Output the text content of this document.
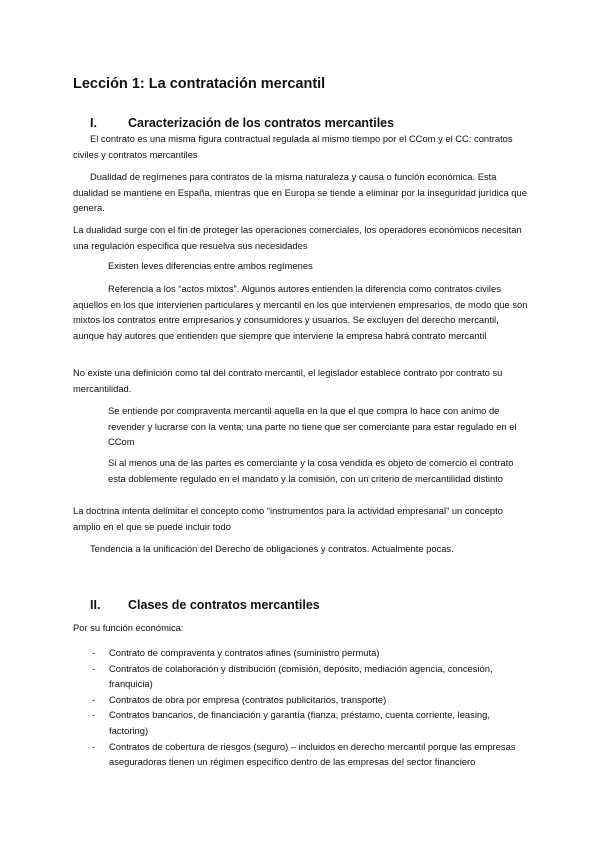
Lección 1: La contratación mercantil
I. Caracterización de los contratos mercantiles

El contrato es una misma figura contractual regulada al mismo tiempo por el CCom y el CC: contratos civiles y contratos mercantiles

Dualidad de regímenes para contratos de la misma naturaleza y causa o función económica. Esta dualidad se mantiene en España, mientras que en Europa se tiende a eliminar por la inseguridad jurídica que genera.

La dualidad surge con el fin de proteger las operaciones comerciales, los operadores económicos necesitan una regulación especifica que resuelva sus necesidades

Existen leves diferencias entre ambos regímenes

Referencia a los “actos mixtos”. Algunos autores entienden la diferencia como contratos civiles aquellos en los que intervienen particulares y mercantil en los que intervienen empresarios, de modo que son mixtos los contratos entre empresarios y consumidores y usuarios. Se excluyen del derecho mercantil, aunque hay autores que entienden que siempre que interviene la empresa habrá contrato mercantil

No existe una definición como tal del contrato mercantil, el legislador establece contrato por contrato su mercantilidad.

Se entiende por compraventa mercantil aquella en la que el que compra lo hace con animo de revender y lucrarse con la venta; una parte no tiene que ser comerciante para estar regulado en el CCom

Si al menos una de las partes es comerciante y la cosa vendida es objeto de comercio el contrato esta doblemente regulado en el mandato y la comisión, con un criterio de mercantilidad distinto

La doctrina intenta delimitar el concepto como “instrumentos para la actividad empresarial” un concepto amplio en el que se puede incluir todo

Tendencia a la unificación del Derecho de obligaciones y contratos. Actualmente pocas.

II. Clases de contratos mercantiles

Por su función económica:

- Contrato de compraventa y contratos afines (suministro permuta)
- Contratos de colaboración y distribución (comisión, depósito, mediación agencia, concesión, franquicia)
- Contratos de obra por empresa (contratos publicitarios, transporte)
- Contratos bancarios, de financiación y garantía (fianza, préstamo, cuenta corriente, leasing, factoring)
- Contratos de cobertura de riesgos (seguro) – incluidos en derecho mercantil porque las empresas aseguradoras tienen un régimen especifico dentro de las empresas del sector financiero
